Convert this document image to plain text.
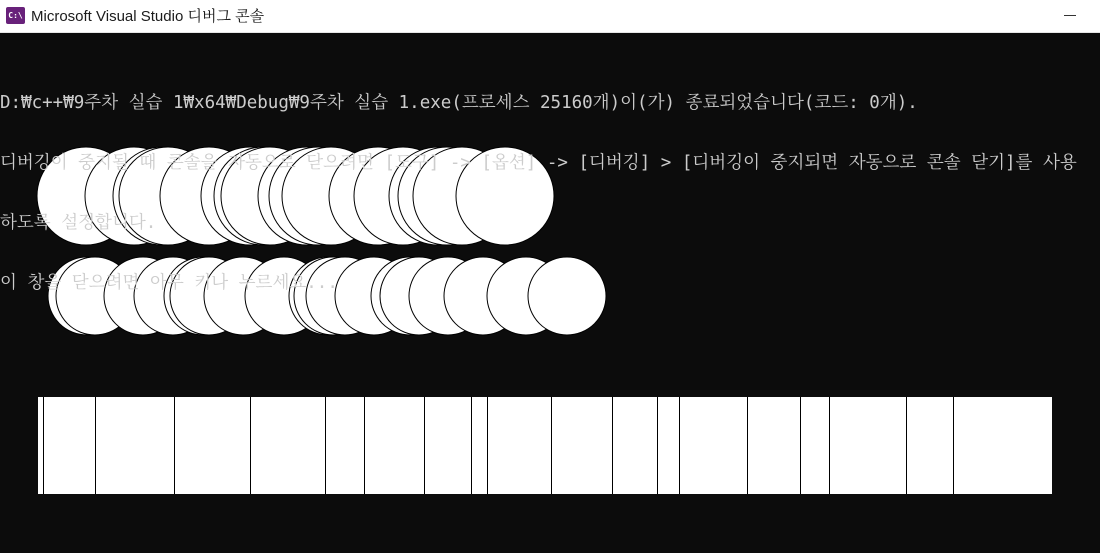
C:\ Microsoft Visual Studio 디버그 콘솔

D:₩c++₩9주차 실습 1₩x64₩Debug₩9주차 실습 1.exe(프로세스 25160개)이(가) 종료되었습니다(코드: 0개).

디버깅이 중지될 때 콘솔을 자동으로 닫으려면 [도구] -> [옵션] -> [디버깅] > [디버깅이 중지되면 자동으로 콘솔 닫기]를 사용

하도록 설정합니다.

이 창을 닫으려면 아무 키나 누르세요...
